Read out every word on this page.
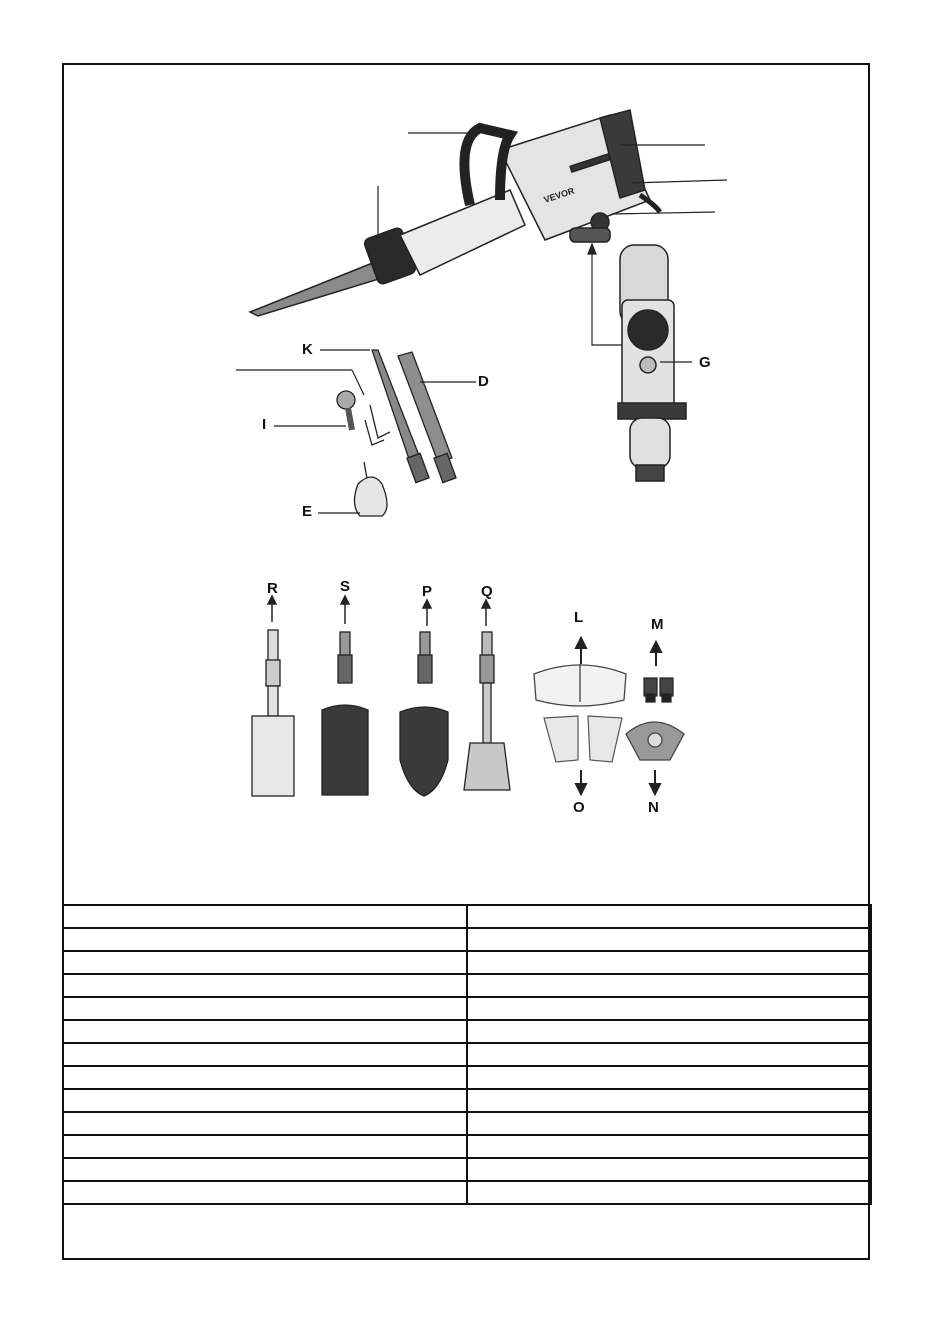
VEVOR
K
D
I
E
G
R	S	P	Q
L	M
O	N
